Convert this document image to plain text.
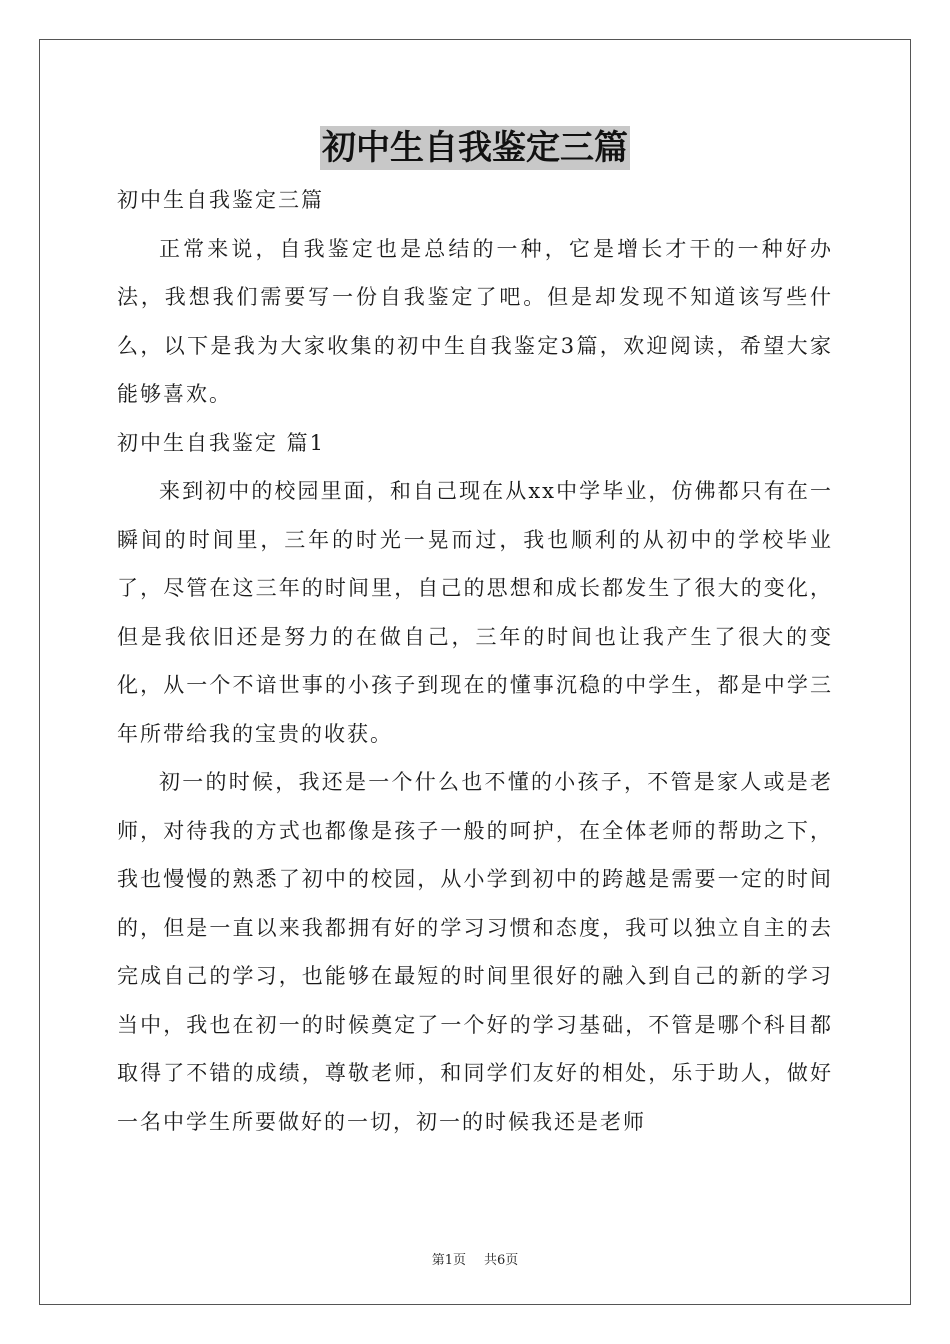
初中生自我鉴定三篇

初中生自我鉴定三篇

正常来说，自我鉴定也是总结的一种，它是增长才干的一种好办法，我想我们需要写一份自我鉴定了吧。但是却发现不知道该写些什么，以下是我为大家收集的初中生自我鉴定3篇，欢迎阅读，希望大家能够喜欢。

初中生自我鉴定 篇1

来到初中的校园里面，和自己现在从xx中学毕业，仿佛都只有在一瞬间的时间里，三年的时光一晃而过，我也顺利的从初中的学校毕业了，尽管在这三年的时间里，自己的思想和成长都发生了很大的变化，但是我依旧还是努力的在做自己，三年的时间也让我产生了很大的变化，从一个不谙世事的小孩子到现在的懂事沉稳的中学生，都是中学三年所带给我的宝贵的收获。

初一的时候，我还是一个什么也不懂的小孩子，不管是家人或是老师，对待我的方式也都像是孩子一般的呵护，在全体老师的帮助之下，我也慢慢的熟悉了初中的校园，从小学到初中的跨越是需要一定的时间的，但是一直以来我都拥有好的学习习惯和态度，我可以独立自主的去完成自己的学习，也能够在最短的时间里很好的融入到自己的新的学习当中，我也在初一的时候奠定了一个好的学习基础，不管是哪个科目都取得了不错的成绩，尊敬老师，和同学们友好的相处，乐于助人，做好一名中学生所要做好的一切，初一的时候我还是老师

第1页 共6页
